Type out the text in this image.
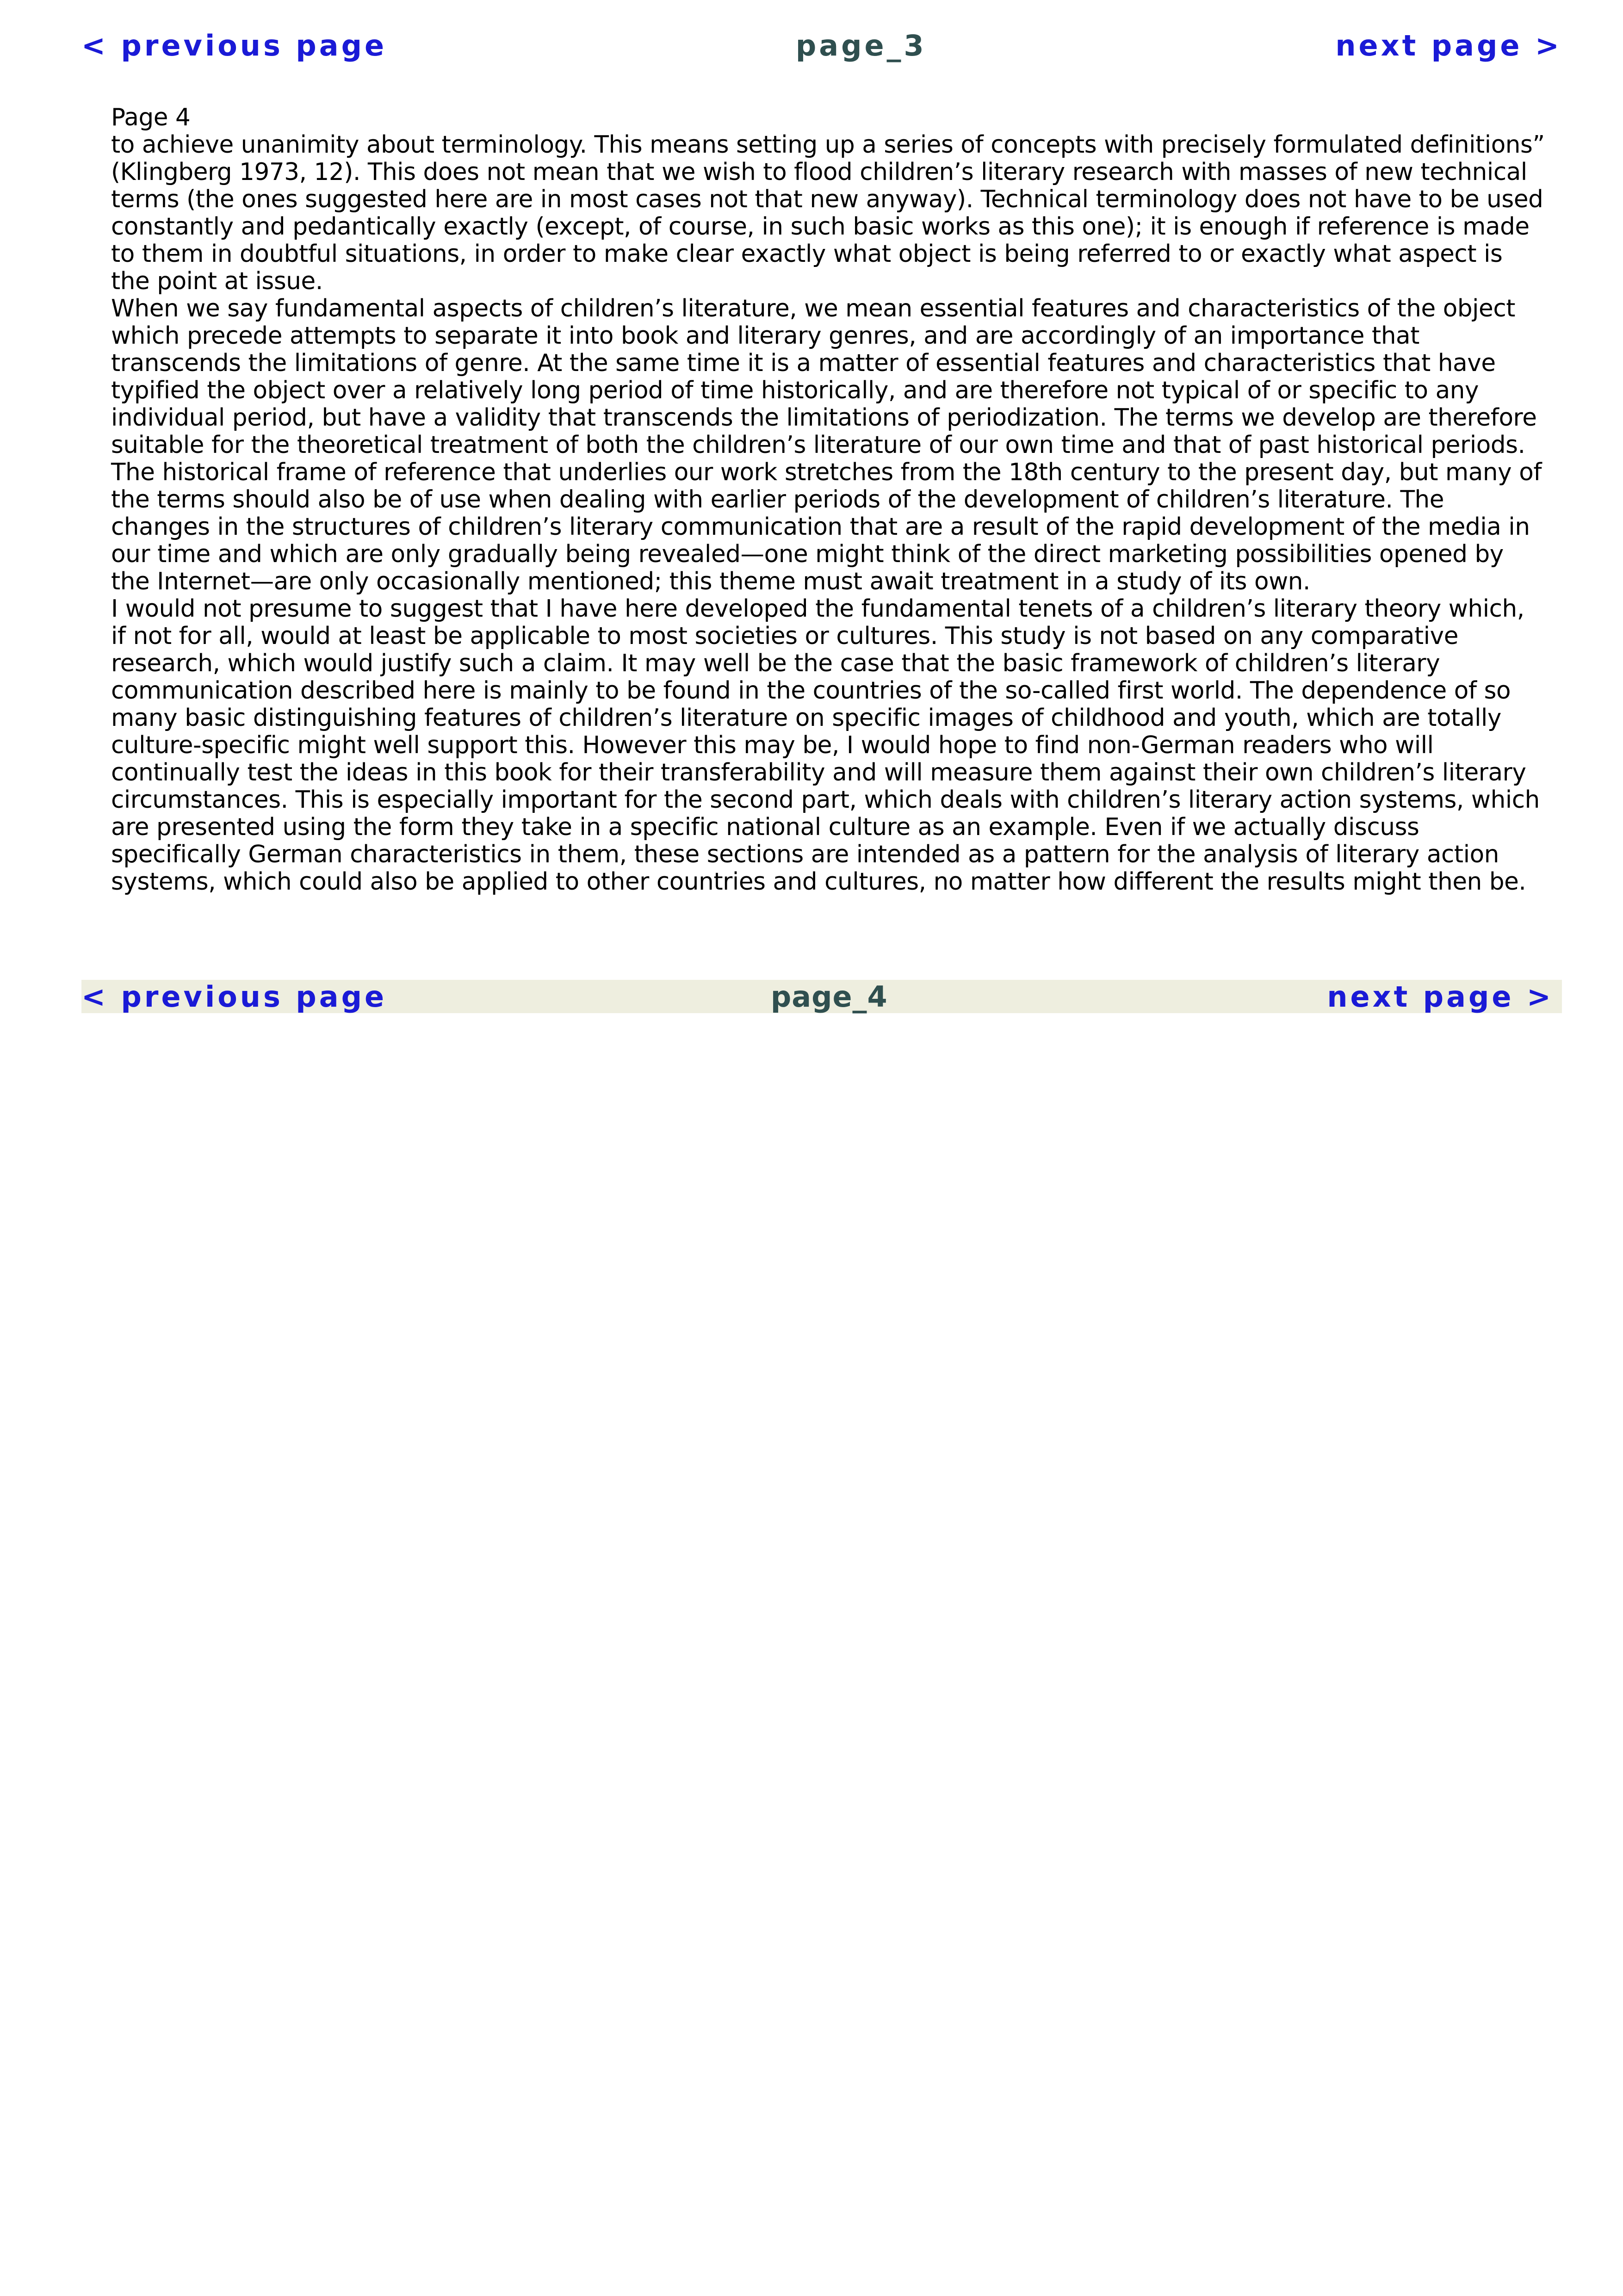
< previous page	page_3	next page >
Page 4

to achieve unanimity about terminology. This means setting up a series of concepts with precisely formulated definitions” (Klingberg 1973, 12). This does not mean that we wish to flood children’s literary research with masses of new technical terms (the ones suggested here are in most cases not that new anyway). Technical terminology does not have to be used constantly and pedantically exactly (except, of course, in such basic works as this one); it is enough if reference is made to them in doubtful situations, in order to make clear exactly what object is being referred to or exactly what aspect is the point at issue.

When we say fundamental aspects of children’s literature, we mean essential features and characteristics of the object which precede attempts to separate it into book and literary genres, and are accordingly of an importance that transcends the limitations of genre. At the same time it is a matter of essential features and characteristics that have typified the object over a relatively long period of time historically, and are therefore not typical of or specific to any individual period, but have a validity that transcends the limitations of periodization. The terms we develop are therefore suitable for the theoretical treatment of both the children’s literature of our own time and that of past historical periods. The historical frame of reference that underlies our work stretches from the 18th century to the present day, but many of the terms should also be of use when dealing with earlier periods of the development of children’s literature. The changes in the structures of children’s literary communication that are a result of the rapid development of the media in our time and which are only gradually being revealed—one might think of the direct marketing possibilities opened by the Internet—are only occasionally mentioned; this theme must await treatment in a study of its own.

I would not presume to suggest that I have here developed the fundamental tenets of a children’s literary theory which, if not for all, would at least be applicable to most societies or cultures. This study is not based on any comparative research, which would justify such a claim. It may well be the case that the basic framework of children’s literary communication described here is mainly to be found in the countries of the so-called first world. The dependence of so many basic distinguishing features of children’s literature on specific images of childhood and youth, which are totally culture-specific might well support this. However this may be, I would hope to find non-German readers who will continually test the ideas in this book for their transferability and will measure them against their own children’s literary circumstances. This is especially important for the second part, which deals with children’s literary action systems, which are presented using the form they take in a specific national culture as an example. Even if we actually discuss specifically German characteristics in them, these sections are intended as a pattern for the analysis of literary action systems, which could also be applied to other countries and cultures, no matter how different the results might then be.

< previous page	page_4	next page >
